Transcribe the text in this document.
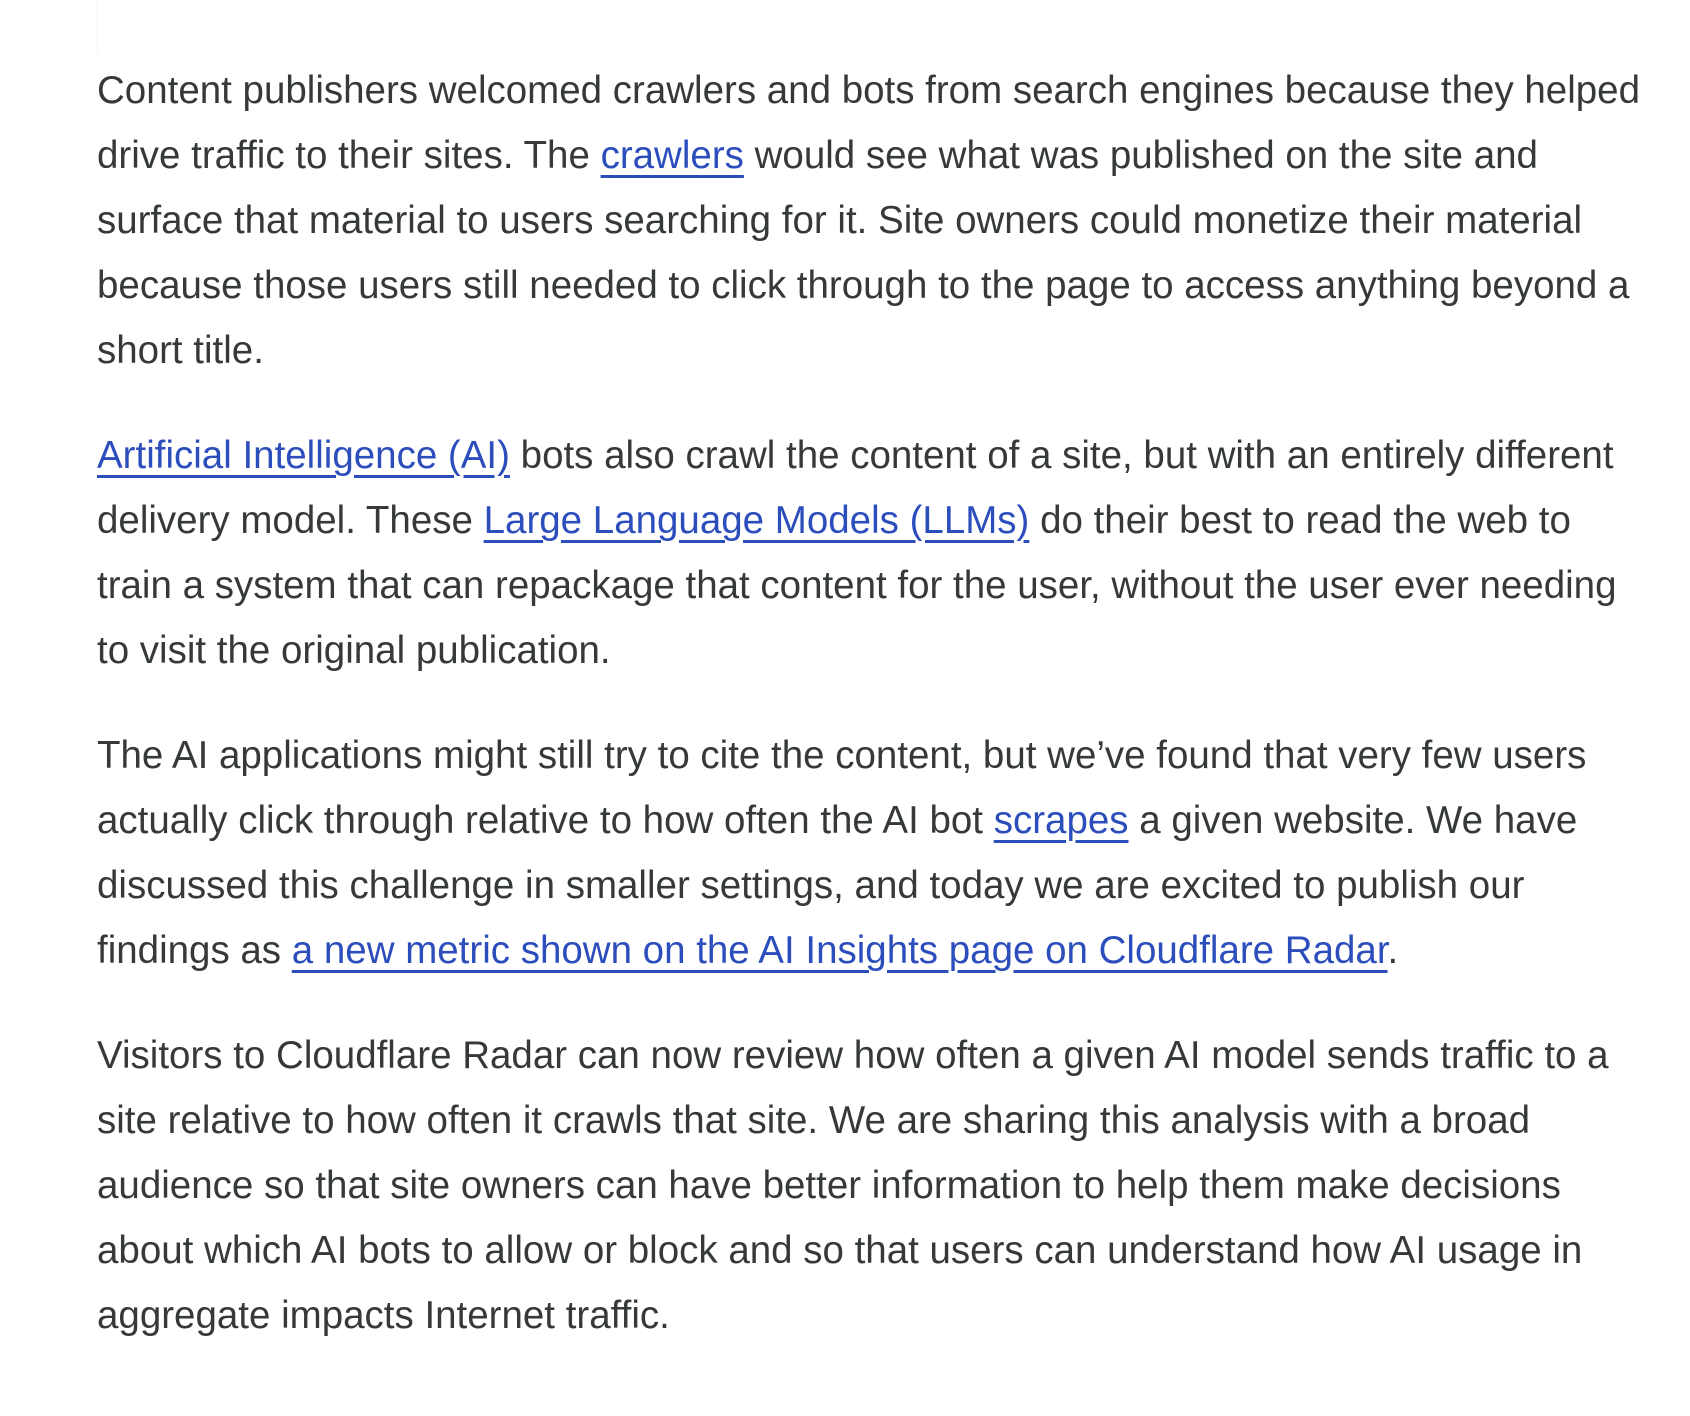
Content publishers welcomed crawlers and bots from search engines because they helped drive traffic to their sites. The crawlers would see what was published on the site and surface that material to users searching for it. Site owners could monetize their material because those users still needed to click through to the page to access anything beyond a short title.

Artificial Intelligence (AI) bots also crawl the content of a site, but with an entirely different delivery model. These Large Language Models (LLMs) do their best to read the web to train a system that can repackage that content for the user, without the user ever needing to visit the original publication.

The AI applications might still try to cite the content, but we’ve found that very few users actually click through relative to how often the AI bot scrapes a given website. We have discussed this challenge in smaller settings, and today we are excited to publish our findings as a new metric shown on the AI Insights page on Cloudflare Radar.

Visitors to Cloudflare Radar can now review how often a given AI model sends traffic to a site relative to how often it crawls that site. We are sharing this analysis with a broad audience so that site owners can have better information to help them make decisions about which AI bots to allow or block and so that users can understand how AI usage in aggregate impacts Internet traffic.
